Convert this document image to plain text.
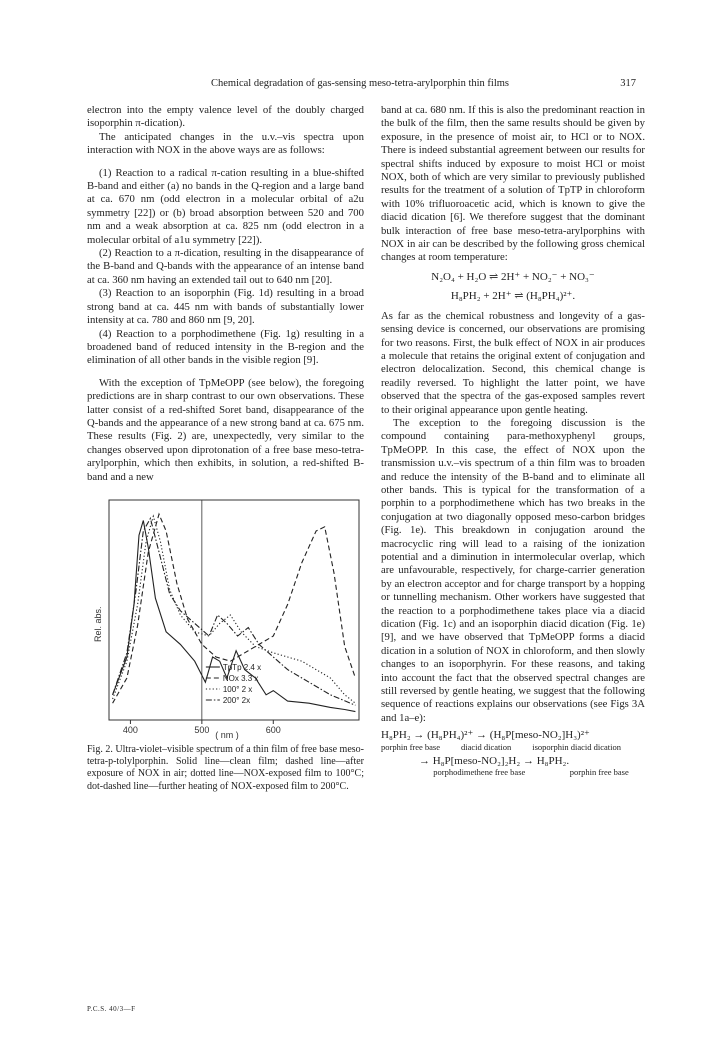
Chemical degradation of gas-sensing meso-tetra-arylporphin thin films	317

electron into the empty valence level of the doubly charged isoporphin π-dication).

The anticipated changes in the u.v.–vis spectra upon interaction with NOX in the above ways are as follows:

(1) Reaction to a radical π-cation resulting in a blue-shifted B-band and either (a) no bands in the Q-region and a large band at ca. 670 nm (odd electron in a molecular orbital of a2u symmetry [22]) or (b) broad absorption between 520 and 700 nm and a weak absorption at ca. 825 nm (odd electron in a molecular orbital of a1u symmetry [22]).

(2) Reaction to a π-dication, resulting in the disappearance of the B-band and Q-bands with the appearance of an intense band at ca. 360 nm having an extended tail out to 640 nm [20].

(3) Reaction to an isoporphin (Fig. 1d) resulting in a broad strong band at ca. 445 nm with bands of substantially lower intensity at ca. 780 and 860 nm [9, 20].

(4) Reaction to a porphodimethene (Fig. 1g) resulting in a broadened band of reduced intensity in the B-region and the elimination of all other bands in the visible region [9].

With the exception of TpMeOPP (see below), the foregoing predictions are in sharp contrast to our own observations. These latter consist of a red-shifted Soret band, disappearance of the Q-bands and the appearance of a new strong band at ca. 675 nm. These results (Fig. 2) are, unexpectedly, very similar to the changes observed upon diprotonation of a free base meso-tetra-arylporphin, which then exhibits, in solution, a red-shifted B-band and a new

400	500	600
TpTp 2.4 x
NOx 3.3 x
100° 2 x
200° 2x
Rel. abs.
( nm )
Fig. 2. Ultra-violet–visible spectrum of a thin film of free base meso-tetra-p-tolylporphin. Solid line—clean film; dashed line—after exposure of NOX in air; dotted line—NOX-exposed film to 100°C; dot-dashed line—further heating of NOX-exposed film to 200°C.

band at ca. 680 nm. If this is also the predominant reaction in the bulk of the film, then the same results should be given by exposure, in the presence of moist air, to HCl or to NOX. There is indeed substantial agreement between our results for spectral shifts induced by exposure to moist HCl or moist NOX, both of which are very similar to previously published results for the treatment of a solution of TpTP in chloroform with 10% trifluoroacetic acid, which is known to give the diacid dication [6]. We therefore suggest that the dominant bulk interaction of free base meso-tetra-arylporphins with NOX in air can be described by the following gross chemical changes at room temperature:

N₂O₄ + H₂O ⇌ 2H⁺ + NO₂⁻ + NO₃⁻
H₈PH₂ + 2H⁺ ⇌ (H₈PH₄)²⁺.

As far as the chemical robustness and longevity of a gas-sensing device is concerned, our observations are promising for two reasons. First, the bulk effect of NOX in air produces a molecule that retains the original extent of conjugation and electron delocalization. Second, this chemical change is readily reversed. To highlight the latter point, we have observed that the spectra of the gas-exposed samples revert to their original appearance upon gentle heating.

The exception to the foregoing discussion is the compound containing para-methoxyphenyl groups, TpMeOPP. In this case, the effect of NOX upon the transmission u.v.–vis spectrum of a thin film was to broaden and reduce the intensity of the B-band and to eliminate all other bands. This is typical for the transformation of a porphin to a porphodimethene which has two breaks in the conjugation at two diagonally opposed meso-carbon bridges (Fig. 1e). This breakdown in conjugation around the macrocyclic ring will lead to a raising of the ionization potential and a diminution in intermolecular overlap, which are unfavourable, respectively, for charge-carrier generation by an electron acceptor and for charge transport by a hopping or tunnelling mechanism. Other workers have suggested that the reaction to a porphodimethene takes place via a diacid dication (Fig. 1c) and an isoporphin diacid dication (Fig. 1e) [9], and we have observed that TpMeOPP forms a diacid dication in a solution of NOX in chloroform, and then slowly changes to an isoporphyrin. For these reasons, and taking into account the fact that the observed spectral changes are still reversed by gentle heating, we suggest that the following sequence of reactions explains our observations (see Figs 3A and 1a–e):

H₈PH₂ → (H₈PH₄)²⁺ → (H₈P[meso-NO₂]H₃)²⁺
porphin free base diacid dication isoporphin diacid dication
→ H₈P[meso-NO₂]₂H₂ → H₈PH₂.
porphodimethene free base	porphin free base
P.C.S. 40/3—F
